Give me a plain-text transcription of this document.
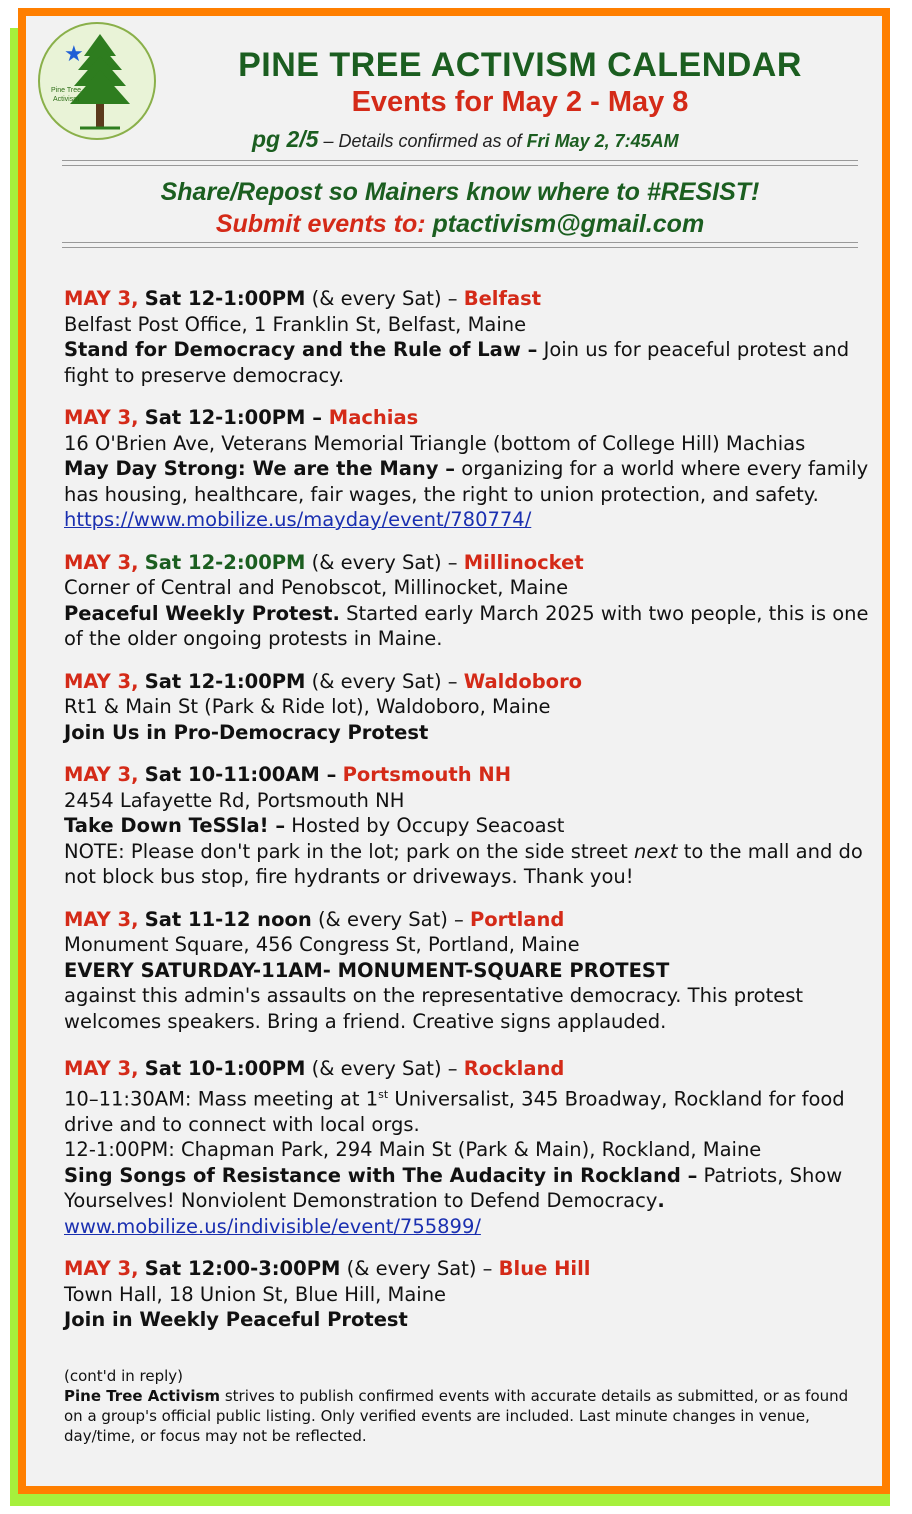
★
Pine Tree Activism
PINE TREE ACTIVISM CALENDAR
Events for May 2 - May 8
pg 2/5 – Details confirmed as of Fri May 2, 7:45AM
Share/Repost so Mainers know where to #RESIST!
Submit events to: ptactivism@gmail.com
MAY 3, Sat 12-1:00PM (& every Sat) – Belfast
Belfast Post Office, 1 Franklin St, Belfast, Maine
Stand for Democracy and the Rule of Law – Join us for peaceful protest and fight to preserve democracy.
MAY 3, Sat 12-1:00PM – Machias
16 O'Brien Ave, Veterans Memorial Triangle (bottom of College Hill) Machias
May Day Strong: We are the Many – organizing for a world where every family has housing, healthcare, fair wages, the right to union protection, and safety. https://www.mobilize.us/mayday/event/780774/
MAY 3, Sat 12-2:00PM (& every Sat) – Millinocket
Corner of Central and Penobscot, Millinocket, Maine
Peaceful Weekly Protest. Started early March 2025 with two people, this is one of the older ongoing protests in Maine.
MAY 3, Sat 12-1:00PM (& every Sat) – Waldoboro
Rt1 & Main St (Park & Ride lot), Waldoboro, Maine
Join Us in Pro-Democracy Protest
MAY 3, Sat 10-11:00AM – Portsmouth NH
2454 Lafayette Rd, Portsmouth NH
Take Down TeSSla! – Hosted by Occupy Seacoast
NOTE: Please don't park in the lot; park on the side street next to the mall and do not block bus stop, fire hydrants or driveways. Thank you!
MAY 3, Sat 11-12 noon (& every Sat) – Portland
Monument Square, 456 Congress St, Portland, Maine
EVERY SATURDAY-11AM- MONUMENT-SQUARE PROTEST
against this admin's assaults on the representative democracy. This protest welcomes speakers. Bring a friend. Creative signs applauded.
MAY 3, Sat 10-1:00PM (& every Sat) – Rockland
10–11:30AM: Mass meeting at 1st Universalist, 345 Broadway, Rockland for food drive and to connect with local orgs.
12-1:00PM: Chapman Park, 294 Main St (Park & Main), Rockland, Maine
Sing Songs of Resistance with The Audacity in Rockland – Patriots, Show Yourselves! Nonviolent Demonstration to Defend Democracy.
www.mobilize.us/indivisible/event/755899/
MAY 3, Sat 12:00-3:00PM (& every Sat) – Blue Hill
Town Hall, 18 Union St, Blue Hill, Maine
Join in Weekly Peaceful Protest
(cont'd in reply)
Pine Tree Activism strives to publish confirmed events with accurate details as submitted, or as found on a group's official public listing. Only verified events are included. Last minute changes in venue, day/time, or focus may not be reflected.
